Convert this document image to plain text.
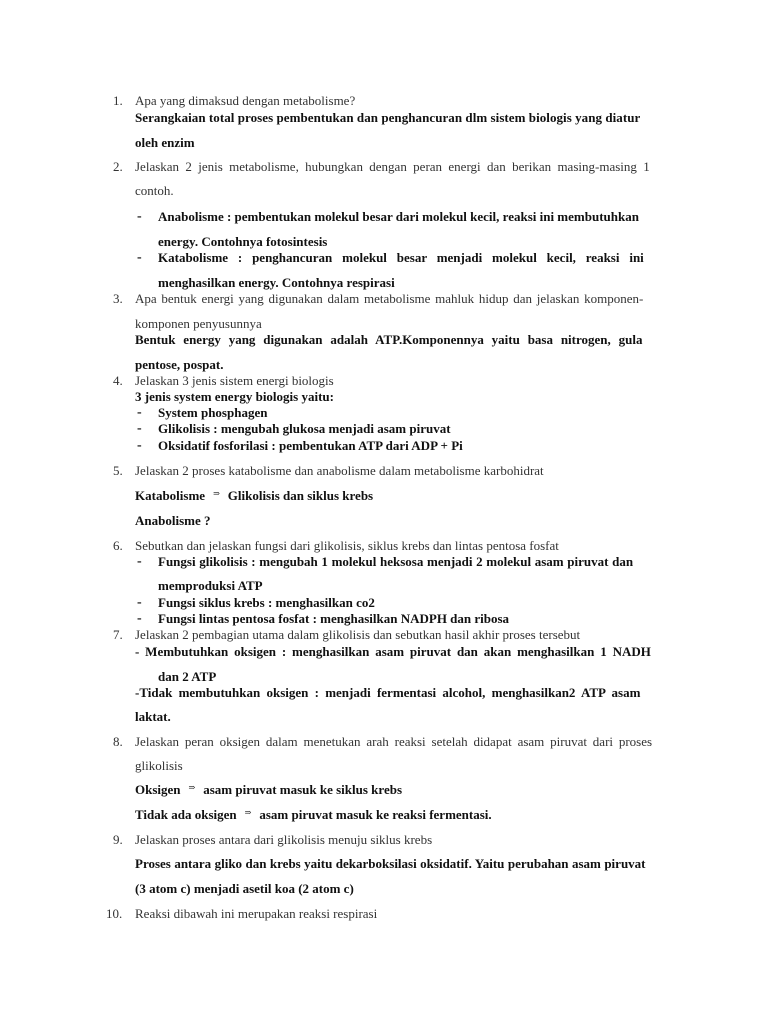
1. Apa yang dimaksud dengan metabolisme?
Serangkaian total proses pembentukan dan penghancuran dlm sistem biologis yang diatur
oleh enzim
2. Jelaskan 2 jenis metabolisme, hubungkan dengan peran energi dan berikan masing-masing 1
contoh.
- Anabolisme : pembentukan molekul besar dari molekul kecil, reaksi ini membutuhkan
energy. Contohnya fotosintesis
- Katabolisme : penghancuran molekul besar menjadi molekul kecil, reaksi ini
menghasilkan energy. Contohnya respirasi
3. Apa bentuk energi yang digunakan dalam metabolisme mahluk hidup dan jelaskan komponen-
komponen penyusunnya
Bentuk energy yang digunakan adalah ATP.Komponennya yaitu basa nitrogen, gula
pentose, pospat.
4. Jelaskan 3 jenis sistem energi biologis
3 jenis system energy biologis yaitu:
- System phosphagen
- Glikolisis : mengubah glukosa menjadi asam piruvat
- Oksidatif fosforilasi : pembentukan ATP dari ADP + Pi
5. Jelaskan 2 proses katabolisme dan anabolisme dalam metabolisme karbohidrat
Katabolisme ⇒ Glikolisis dan siklus krebs
Anabolisme ?
6. Sebutkan dan jelaskan fungsi dari glikolisis, siklus krebs dan lintas pentosa fosfat
- Fungsi glikolisis : mengubah 1 molekul heksosa menjadi 2 molekul asam piruvat dan
memproduksi ATP
- Fungsi siklus krebs : menghasilkan co2
- Fungsi lintas pentosa fosfat : menghasilkan NADPH dan ribosa
7. Jelaskan 2 pembagian utama dalam glikolisis dan sebutkan hasil akhir proses tersebut
- Membutuhkan oksigen : menghasilkan asam piruvat dan akan menghasilkan 1 NADH
dan 2 ATP
-Tidak membutuhkan oksigen : menjadi fermentasi alcohol, menghasilkan2 ATP asam
laktat.
8. Jelaskan peran oksigen dalam menetukan arah reaksi setelah didapat asam piruvat dari proses
glikolisis
Oksigen ⇒ asam piruvat masuk ke siklus krebs
Tidak ada oksigen ⇒ asam piruvat masuk ke reaksi fermentasi.
9. Jelaskan proses antara dari glikolisis menuju siklus krebs
Proses antara gliko dan krebs yaitu dekarboksilasi oksidatif. Yaitu perubahan asam piruvat
(3 atom c) menjadi asetil koa (2 atom c)
10. Reaksi dibawah ini merupakan reaksi respirasi
